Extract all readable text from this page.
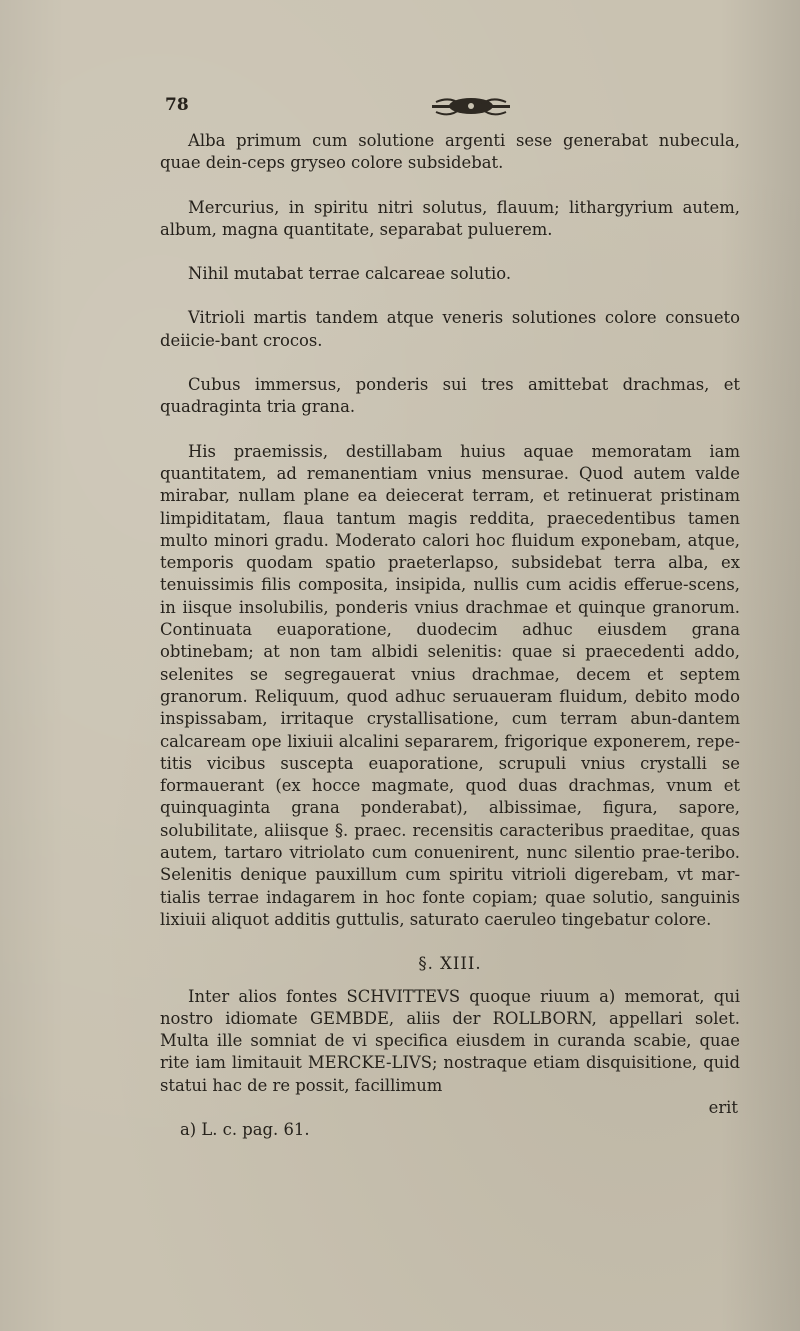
78

Alba primum cum solutione argenti sese generabat nubecula, quae dein-ceps gryseo colore subsidebat.

Mercurius, in spiritu nitri solutus, flauum; lithargyrium autem, album, magna quantitate, separabat puluerem.

Nihil mutabat terrae calcareae solutio.

Vitrioli martis tandem atque veneris solutiones colore consueto deiicie-bant crocos.

Cubus immersus, ponderis sui tres amittebat drachmas, et quadraginta tria grana.

His praemissis, destillabam huius aquae memoratam iam quantitatem, ad remanentiam vnius mensurae. Quod autem valde mirabar, nullam plane ea deiecerat terram, et retinuerat pristinam limpiditatam, flaua tantum magis reddita, praecedentibus tamen multo minori gradu. Moderato calori hoc fluidum exponebam, atque, temporis quodam spatio praeterlapso, subsidebat terra alba, ex tenuissimis filis composita, insipida, nullis cum acidis efferue-scens, in iisque insolubilis, ponderis vnius drachmae et quinque granorum. Continuata euaporatione, duodecim adhuc eiusdem grana obtinebam; at non tam albidi selenitis: quae si praecedenti addo, selenites se segregauerat vnius drachmae, decem et septem granorum. Reliquum, quod adhuc seruaueram fluidum, debito modo inspissabam, irritaque crystallisatione, cum terram abun-dantem calcaream ope lixiuii alcalini separarem, frigorique exponerem, repe-titis vicibus suscepta euaporatione, scrupuli vnius crystalli se formauerant (ex hocce magmate, quod duas drachmas, vnum et quinquaginta grana ponderabat), albissimae, figura, sapore, solubilitate, aliisque §. praec. recensitis caracteribus praeditae, quas autem, tartaro vitriolato cum conuenirent, nunc silentio prae-teribo. Selenitis denique pauxillum cum spiritu vitrioli digerebam, vt mar-tialis terrae indagarem in hoc fonte copiam; quae solutio, sanguinis lixiuii aliquot additis guttulis, saturato caeruleo tingebatur colore.

§. XIII.

Inter alios fontes SCHVITTEVS quoque riuum a) memorat, qui nostro idiomate GEMBDE, aliis der ROLLBORN, appellari solet. Multa ille somniat de vi specifica eiusdem in curanda scabie, quae rite iam limitauit MERCKE-LIVS; nostraque etiam disquisitione, quid statui hac de re possit, facillimum

erit

a) L. c. pag. 61.
